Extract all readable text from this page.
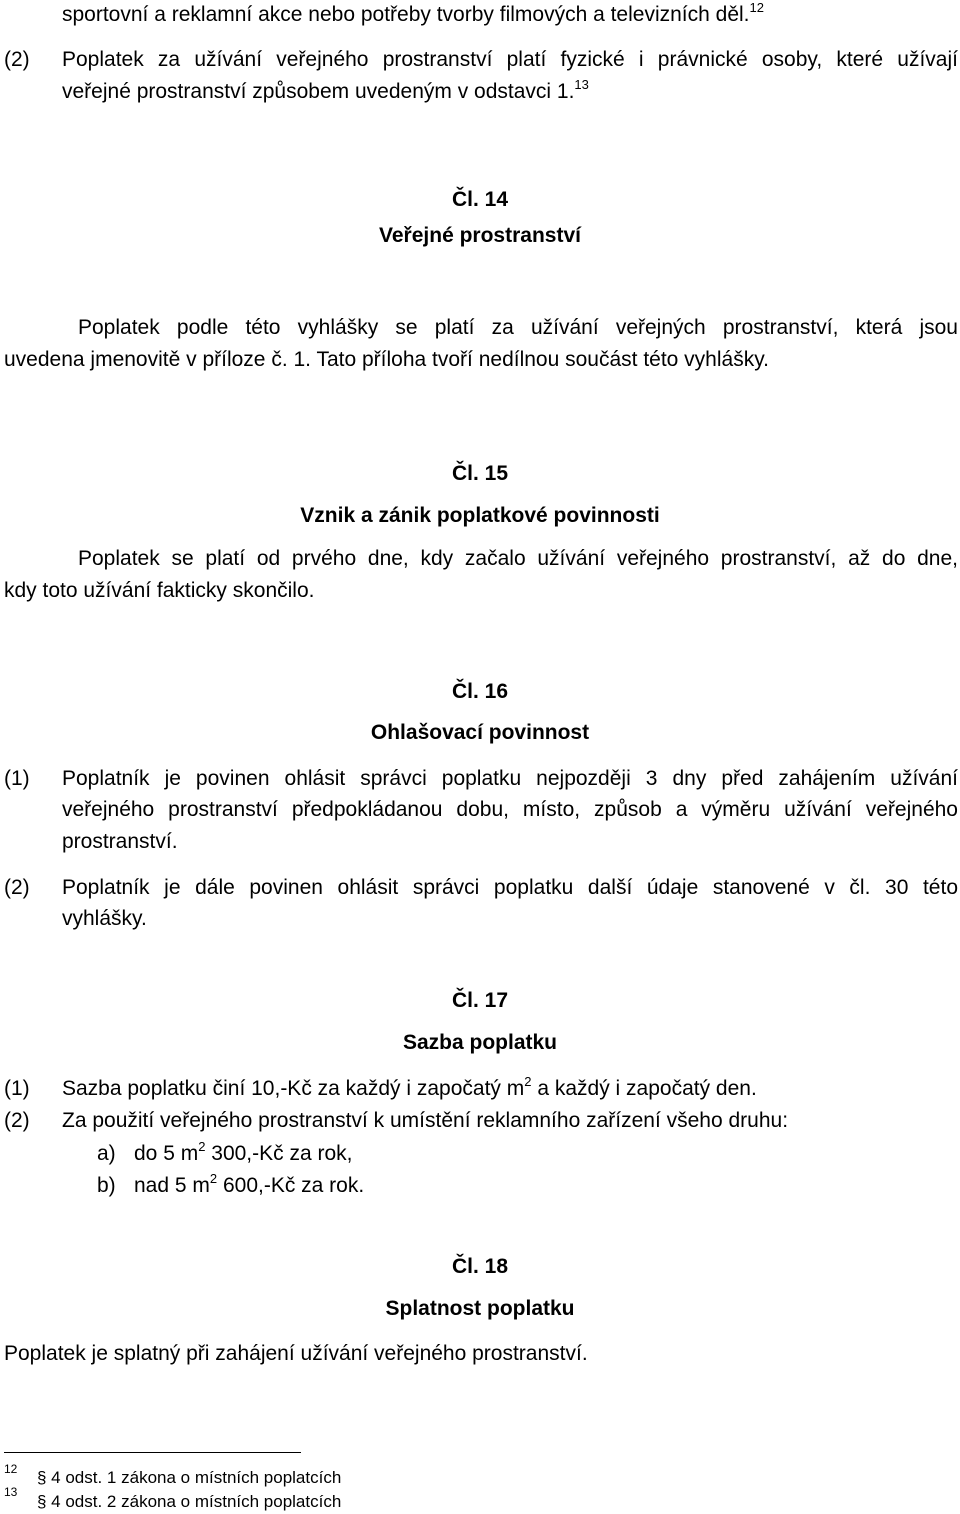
sportovní a reklamní akce nebo potřeby tvorby filmových a televizních děl.$^{12}$
(2) Poplatek za užívání veřejného prostranství platí fyzické i právnické osoby, které užívají
veřejné prostranství způsobem uvedeným v odstavci 1.13
Čl. 14
Veřejné prostranství
Poplatek podle této vyhlášky se platí za užívání veřejných prostranství, která jsou
uvedena jmenovitě v příloze č. 1. Tato příloha tvoří nedílnou součást této vyhlášky.
Čl. 15
Vznik a zánik poplatkové povinnosti
Poplatek se platí od prvého dne, kdy začalo užívání veřejného prostranství, až do dne,
kdy toto užívání fakticky skončilo.
Čl. 16
Ohlašovací povinnost
(1) Poplatník je povinen ohlásit správci poplatku nejpozději 3 dny před zahájením užívání
veřejného prostranství předpokládanou dobu, místo, způsob a výměru užívání veřejného
prostranství.
(2) Poplatník je dále povinen ohlásit správci poplatku další údaje stanovené v čl. 30 této
vyhlášky.
Čl. 17
Sazba poplatku
(1) Sazba poplatku činí 10,-Kč za každý i započatý $m^2$ a každý i započatý den.
(2) Za použití veřejného prostranství k umístění reklamního zařízení všeho druhu:
a) do 5 $m^2$ 300,-Kč za rok,
b) nad 5 $m^2$ 600,-Kč za rok.
Čl. 18
Splatnost poplatku
Poplatek je splatný při zahájení užívání veřejného prostranství.
12 § 4 odst. 1 zákona o místních poplatcích
13 § 4 odst. 2 zákona o místních poplatcích
